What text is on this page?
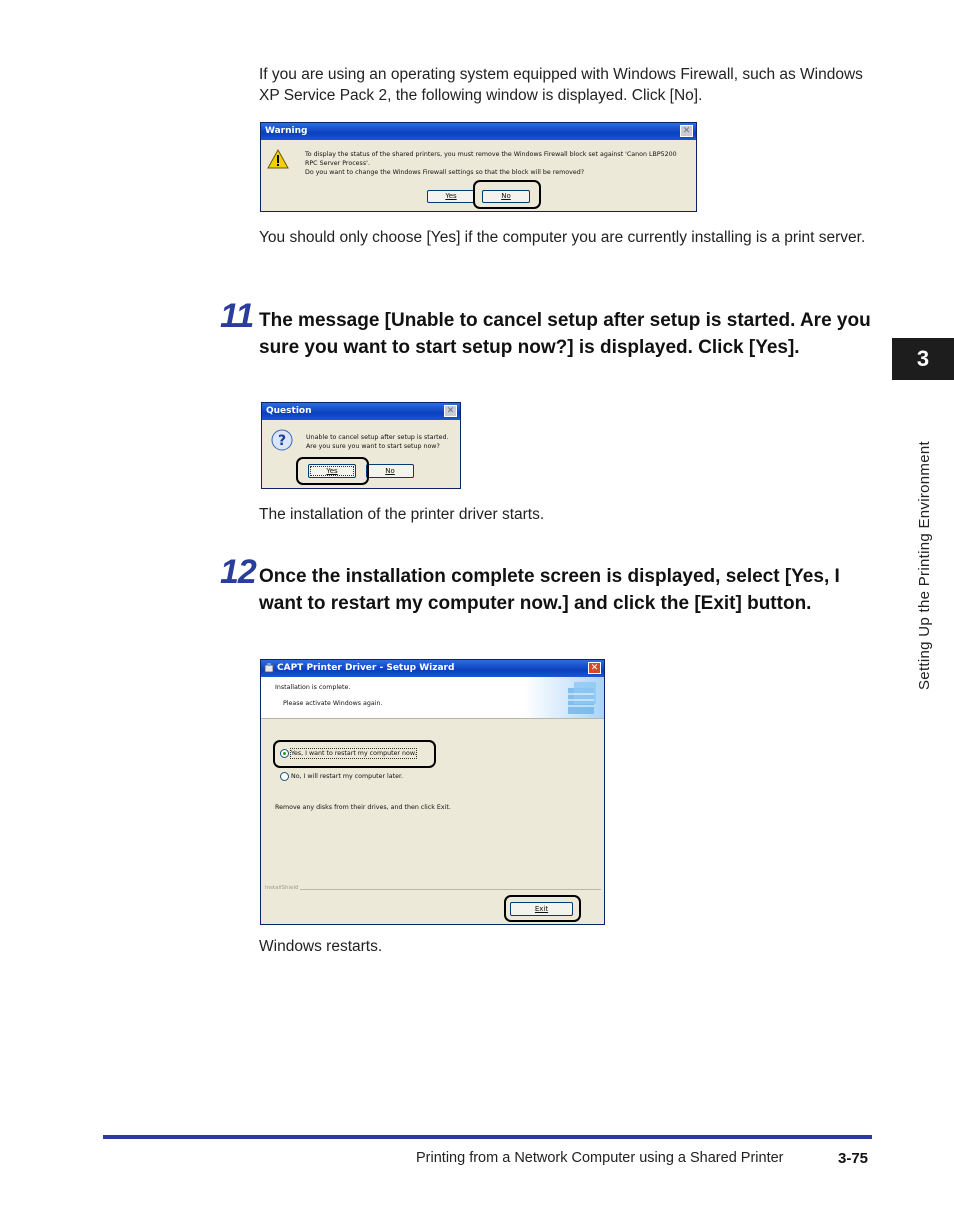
If you are using an operating system equipped with Windows Firewall, such as Windows XP Service Pack 2, the following window is displayed. Click [No].
Warning	✕
To display the status of the shared printers, you must remove the Windows Firewall block set against 'Canon LBP5200
RPC Server Process'.
Do you want to change the Windows Firewall settings so that the block will be removed?
Yes	No
You should only choose [Yes] if the computer you are currently installing is a print server.
11 The message [Unable to cancel setup after setup is started. Are you sure you want to start setup now?] is displayed. Click [Yes].
Question	✕
?	Unable to cancel setup after setup is started.
Are you sure you want to start setup now?
Yes	No
The installation of the printer driver starts.
12 Once the installation complete screen is displayed, select [Yes, I want to restart my computer now.] and click the [Exit] button.
CAPT Printer Driver - Setup Wizard	✕
Installation is complete.
Please activate Windows again.
Yes, I want to restart my computer now.
No, I will restart my computer later.
Remove any disks from their drives, and then click Exit.
InstallShield
Exit
Windows restarts.
3
Setting Up the Printing Environment
Printing from a Network Computer using a Shared Printer	3-75
